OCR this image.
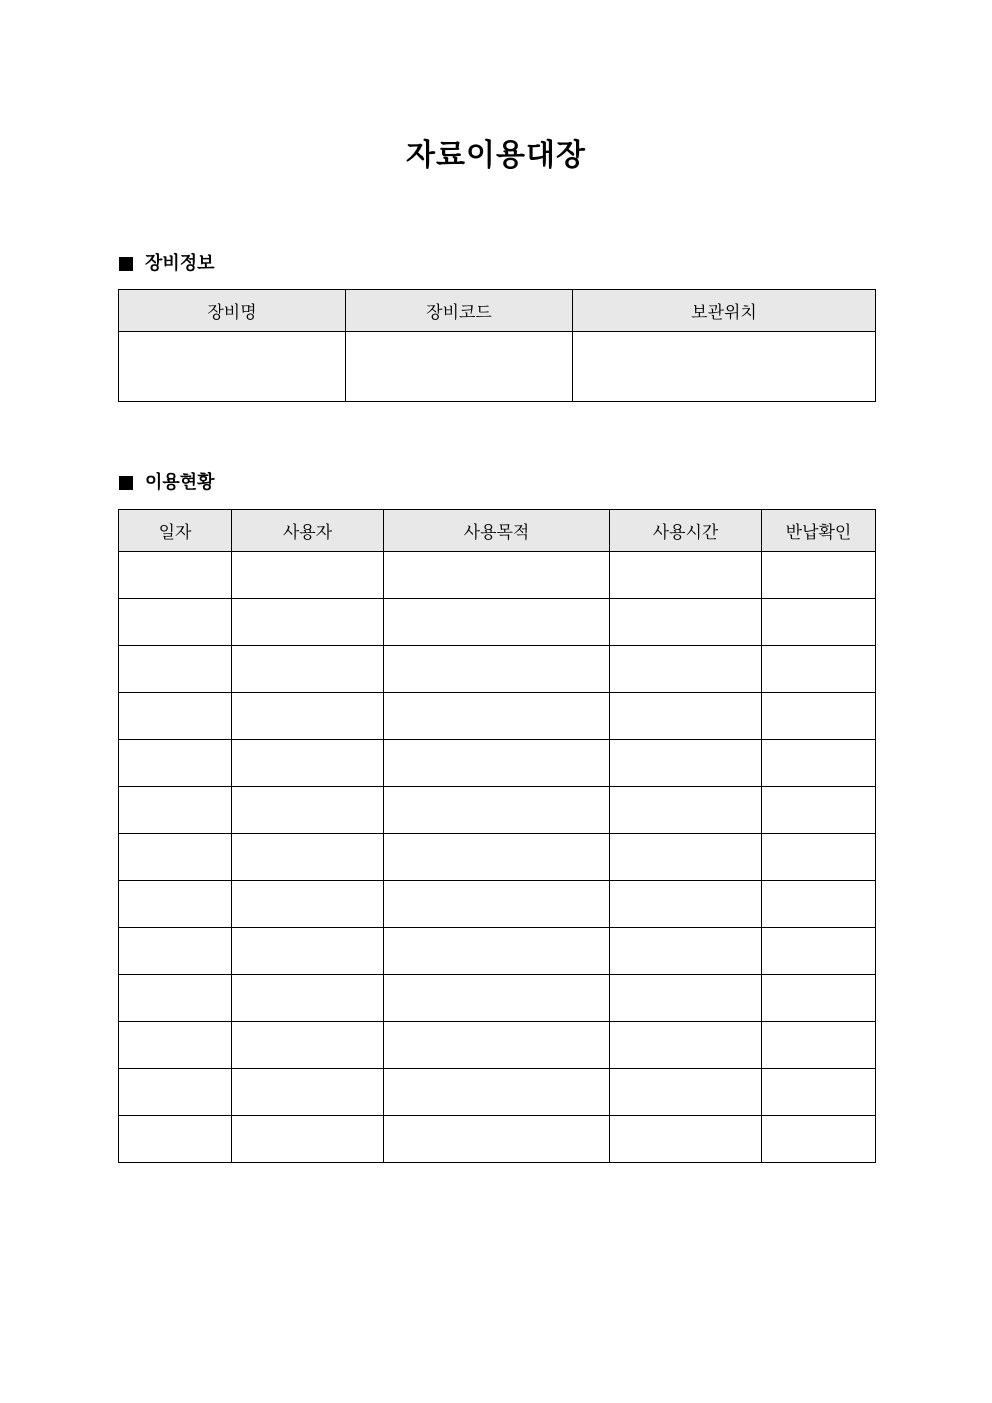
자료이용대장
장비정보
장비명	장비코드	보관위치

이용현황
일자	사용자	사용목적	사용시간	반납확인
